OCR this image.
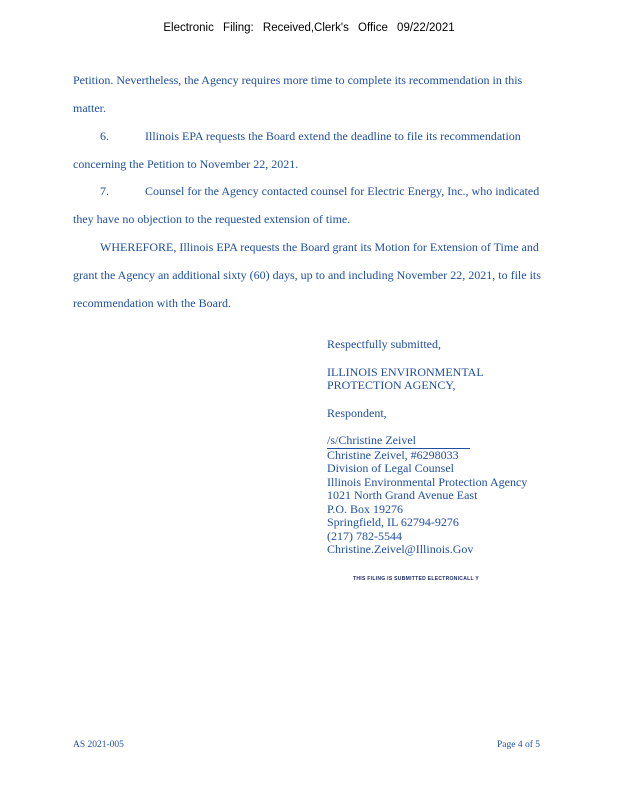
Electronic Filing: Received,Clerk's Office 09/22/2021
Petition. Nevertheless, the Agency requires more time to complete its recommendation in this
matter.
6.	Illinois EPA requests the Board extend the deadline to file its recommendation
concerning the Petition to November 22, 2021.
7.	Counsel for the Agency contacted counsel for Electric Energy, Inc., who indicated
they have no objection to the requested extension of time.
WHEREFORE, Illinois EPA requests the Board grant its Motion for Extension of Time and
grant the Agency an additional sixty (60) days, up to and including November 22, 2021, to file its
recommendation with the Board.
Respectfully submitted,
ILLINOIS ENVIRONMENTAL
PROTECTION AGENCY,
Respondent,
/s/Christine Zeivel
Christine Zeivel, #6298033
Division of Legal Counsel
Illinois Environmental Protection Agency
1021 North Grand Avenue East
P.O. Box 19276
Springfield, IL 62794-9276
(217) 782-5544
Christine.Zeivel@Illinois.Gov
THIS FILING IS SUBMITTED ELECTRONICALL Y
AS 2021-005	Page 4 of 5
